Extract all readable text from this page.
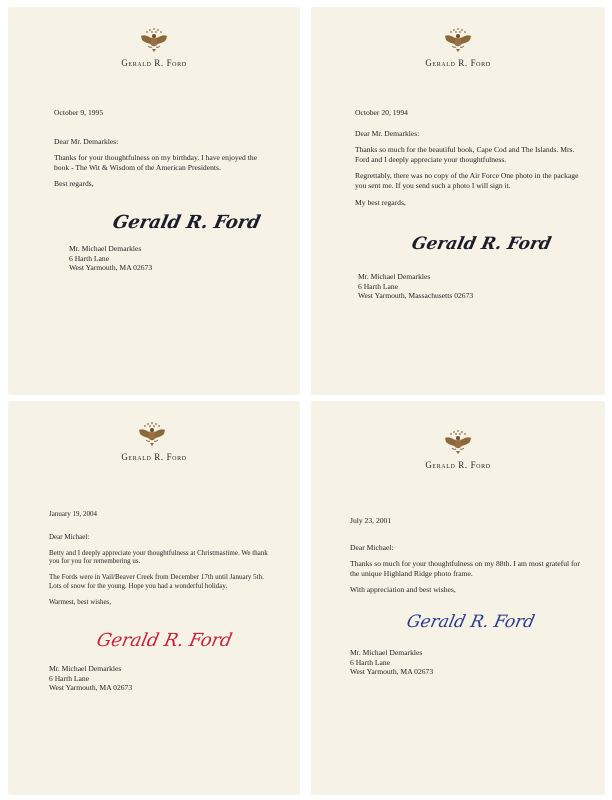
Gerald R. Ford

October 9, 1995

Dear Mr. Demarkles:

Thanks for your thoughtfulness on my birthday. I have enjoyed the book - The Wit & Wisdom of the American Presidents.

Best regards,

Gerald R. Ford
Mr. Michael Demarkles
6 Harth Lane
West Yarmouth, MA 02673
Gerald R. Ford

October 20, 1994

Dear Mr. Demarkles:

Thanks so much for the beautiful book, Cape Cod and The Islands. Mrs. Ford and I deeply appreciate your thoughtfulness.

Regrettably, there was no copy of the Air Force One photo in the package you sent me. If you send such a photo I will sign it.

My best regards,

Gerald R. Ford
Mr. Michael Demarkles
6 Harth Lane
West Yarmouth, Massachusetts 02673
Gerald R. Ford

January 19, 2004

Dear Michael:

Betty and I deeply appreciate your thoughtfulness at Christmastime. We thank you for you for remembering us.

The Fords were in Vail/Beaver Creek from December 17th until January 5th. Lots of snow for the young. Hope you had a wonderful holiday.

Warmest, best wishes,

Gerald R. Ford
Mr. Michael Demarkles
6 Harth Lane
West Yarmouth, MA 02673
Gerald R. Ford

July 23, 2001

Dear Michael:

Thanks so much for your thoughtfulness on my 88th. I am most grateful for the unique Highland Ridge photo frame.

With appreciation and best wishes,

Gerald R. Ford
Mr. Michael Demarkles
6 Harth Lane
West Yarmouth, MA 02673
